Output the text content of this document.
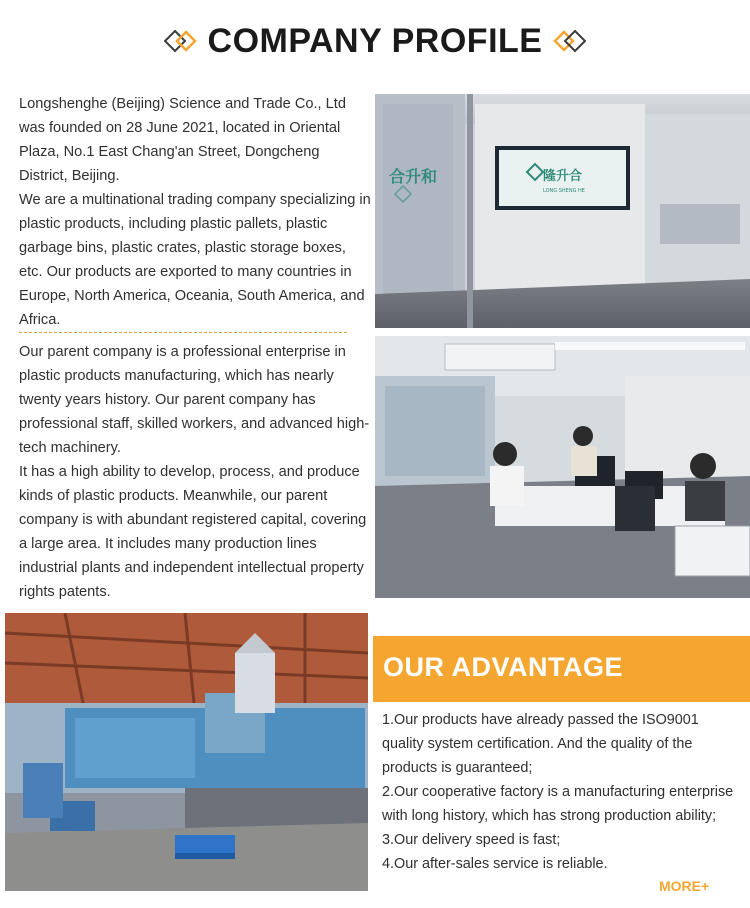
COMPANY PROFILE

Longshenghe (Beijing) Science and Trade Co., Ltd was founded on 28 June 2021, located in Oriental Plaza, No.1 East Chang'an Street, Dongcheng District, Beijing.

We are a multinational trading company specializing in plastic products, including plastic pallets, plastic garbage bins, plastic crates, plastic storage boxes, etc. Our products are exported to many countries in Europe, North America, Oceania, South America, and Africa.

Our parent company is a professional enterprise in plastic products manufacturing, which has nearly twenty years history. Our parent company has professional staff, skilled workers, and advanced high-tech machinery.

It has a high ability to develop, process, and produce kinds of plastic products. Meanwhile, our parent company is with abundant registered capital, covering a large area. It includes many production lines industrial plants and independent intellectual property rights patents.

合升和	隆升合
LONG SHENG HE
OUR ADVANTAGE

1.Our products have already passed the ISO9001 quality system certification. And the quality of the products is guaranteed;

2.Our cooperative factory is a manufacturing enterprise with long history, which has strong production ability;

3.Our delivery speed is fast;

4.Our after-sales service is reliable.

MORE+
